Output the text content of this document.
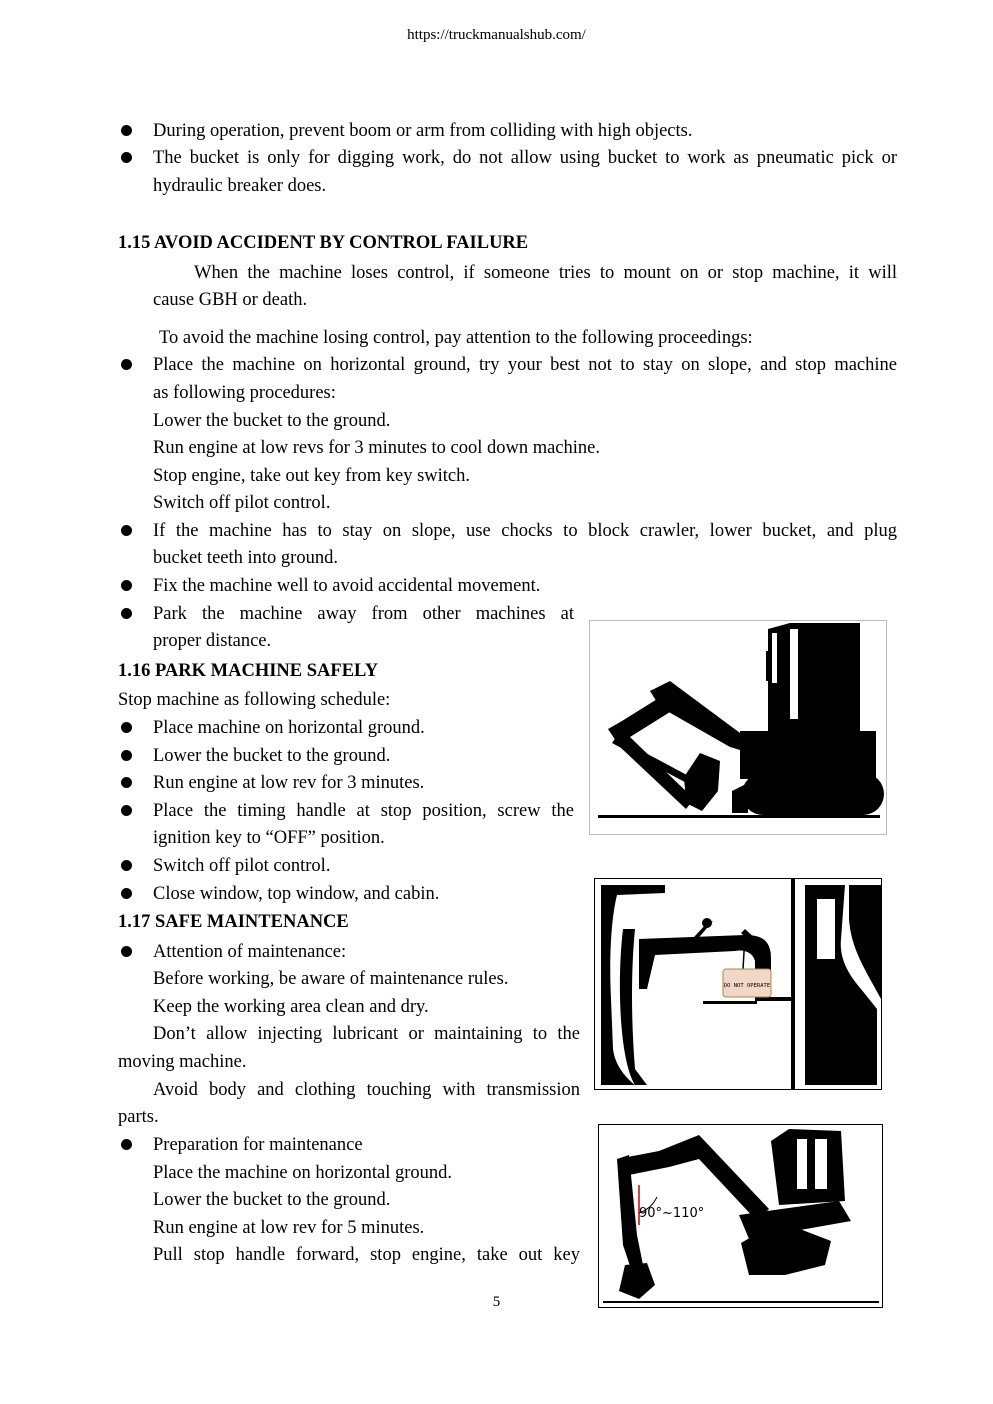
https://truckmanualshub.com/
During operation, prevent boom or arm from colliding with high objects.
The bucket is only for digging work, do not allow using bucket to work as pneumatic pick or
hydraulic breaker does.
1.15 AVOID ACCIDENT BY CONTROL FAILURE
When the machine loses control, if someone tries to mount on or stop machine, it will
cause GBH or death.
To avoid the machine losing control, pay attention to the following proceedings:
Place the machine on horizontal ground, try your best not to stay on slope, and stop machine
as following procedures:
Lower the bucket to the ground.
Run engine at low revs for 3 minutes to cool down machine.
Stop engine, take out key from key switch.
Switch off pilot control.
If the machine has to stay on slope, use chocks to block crawler, lower bucket, and plug
bucket teeth into ground.
Fix the machine well to avoid accidental movement.
Park the machine away from other machines at
proper distance.
1.16 PARK MACHINE SAFELY
Stop machine as following schedule:
Place machine on horizontal ground.
Lower the bucket to the ground.
Run engine at low rev for 3 minutes.
Place the timing handle at stop position, screw the
ignition key to “OFF” position.
Switch off pilot control.
Close window, top window, and cabin.
1.17 SAFE MAINTENANCE
Attention of maintenance:
Before working, be aware of maintenance rules.
Keep the working area clean and dry.
Don’t allow injecting lubricant or maintaining to the
moving machine.
Avoid body and clothing touching with transmission
parts.
Preparation for maintenance
Place the machine on horizontal ground.
Lower the bucket to the ground.
Run engine at low rev for 5 minutes.
Pull stop handle forward, stop engine, take out key
DO NOT OPERATE
90°~110°
5
